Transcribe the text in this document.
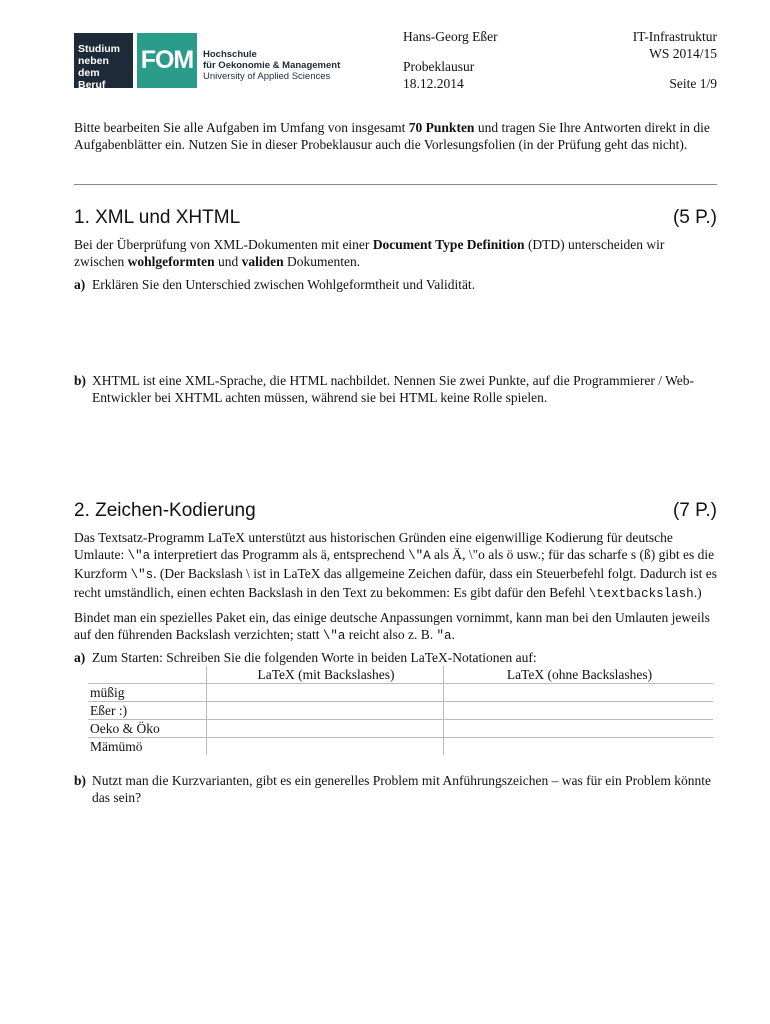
Studium
neben dem
Beruf
FOM	Hochschule
für Oekonomie & Management
University of Applied Sciences
Hans-Georg Eßer
Probeklausur
18.12.2014
IT-Infrastruktur
WS 2014/15
Seite 1/9

Bitte bearbeiten Sie alle Aufgaben im Umfang von insgesamt 70 Punkten und tragen Sie Ihre Antworten direkt in die Aufgabenblätter ein. Nutzen Sie in dieser Probeklausur auch die Vorlesungsfolien (in der Prüfung geht das nicht).

1. XML und XHTML	(5 P.)

Bei der Überprüfung von XML-Dokumenten mit einer Document Type Definition (DTD) unterscheiden wir zwischen wohlgeformten und validen Dokumenten.

a) Erklären Sie den Unterschied zwischen Wohlgeformtheit und Validität.
b) XHTML ist eine XML-Sprache, die HTML nachbildet. Nennen Sie zwei Punkte, auf die Programmierer / Web-Entwickler bei XHTML achten müssen, während sie bei HTML keine Rolle spielen.
2. Zeichen-Kodierung	(7 P.)

Das Textsatz-Programm LaTeX unterstützt aus historischen Gründen eine eigenwillige Kodierung für deutsche Umlaute: \"a interpretiert das Programm als ä, entsprechend \"A als Ä, \"o als ö usw.; für das scharfe s (ß) gibt es die Kurzform \"s. (Der Backslash \ ist in LaTeX das allgemeine Zeichen dafür, dass ein Steuerbefehl folgt. Dadurch ist es recht umständlich, einen echten Backslash in den Text zu bekommen: Es gibt dafür den Befehl \textbackslash.)

Bindet man ein spezielles Paket ein, das einige deutsche Anpassungen vornimmt, kann man bei den Umlauten jeweils auf den führenden Backslash verzichten; statt \"a reicht also z. B. "a.

a) Zum Starten: Schreiben Sie die folgenden Worte in beiden LaTeX-Notationen auf:
	LaTeX (mit Backslashes)	LaTeX (ohne Backslashes)
müßig		
Eßer :)		
Oeko & Öko		
Mämümö		
b) Nutzt man die Kurzvarianten, gibt es ein generelles Problem mit Anführungszeichen – was für ein Problem könnte das sein?
